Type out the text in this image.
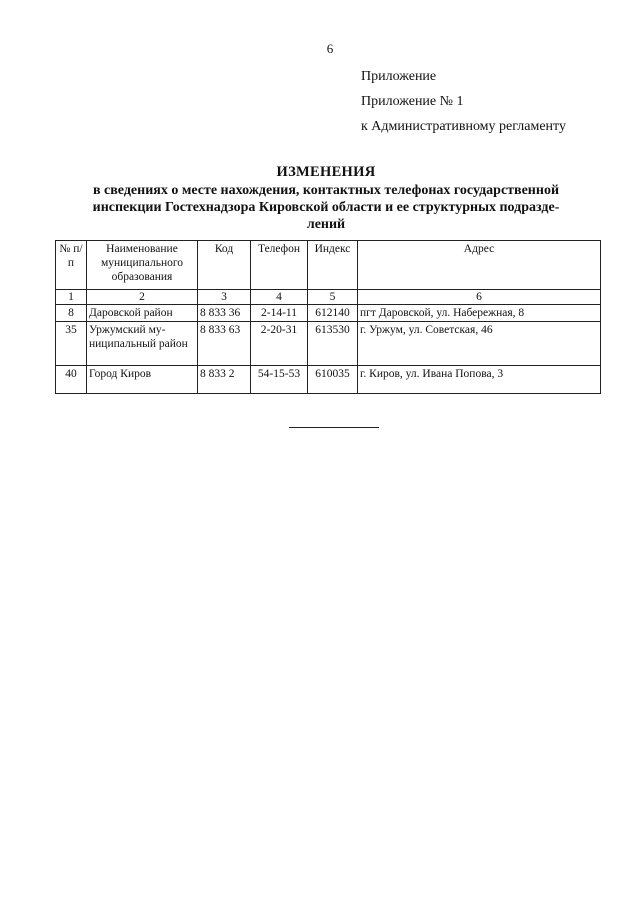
6
Приложение
Приложение № 1
к Административному регламенту
ИЗМЕНЕНИЯ
в сведениях о месте нахождения, контактных телефонах государственной
инспекции Гостехнадзора Кировской области и ее структурных подразде-
лений
№ п/п	Наименование муниципального образования	Код	Телефон	Индекс	Адрес
1	2	3	4	5	6
8	Даровской район	8 833 36	2-14-11	612140	пгт Даровской, ул. Набережная, 8
35	Уржумский му-ниципальный район	8 833 63	2-20-31	613530	г. Уржум, ул. Советская, 46
40	Город Киров	8 833 2	54-15-53	610035	г. Киров, ул. Ивана Попова, 3
